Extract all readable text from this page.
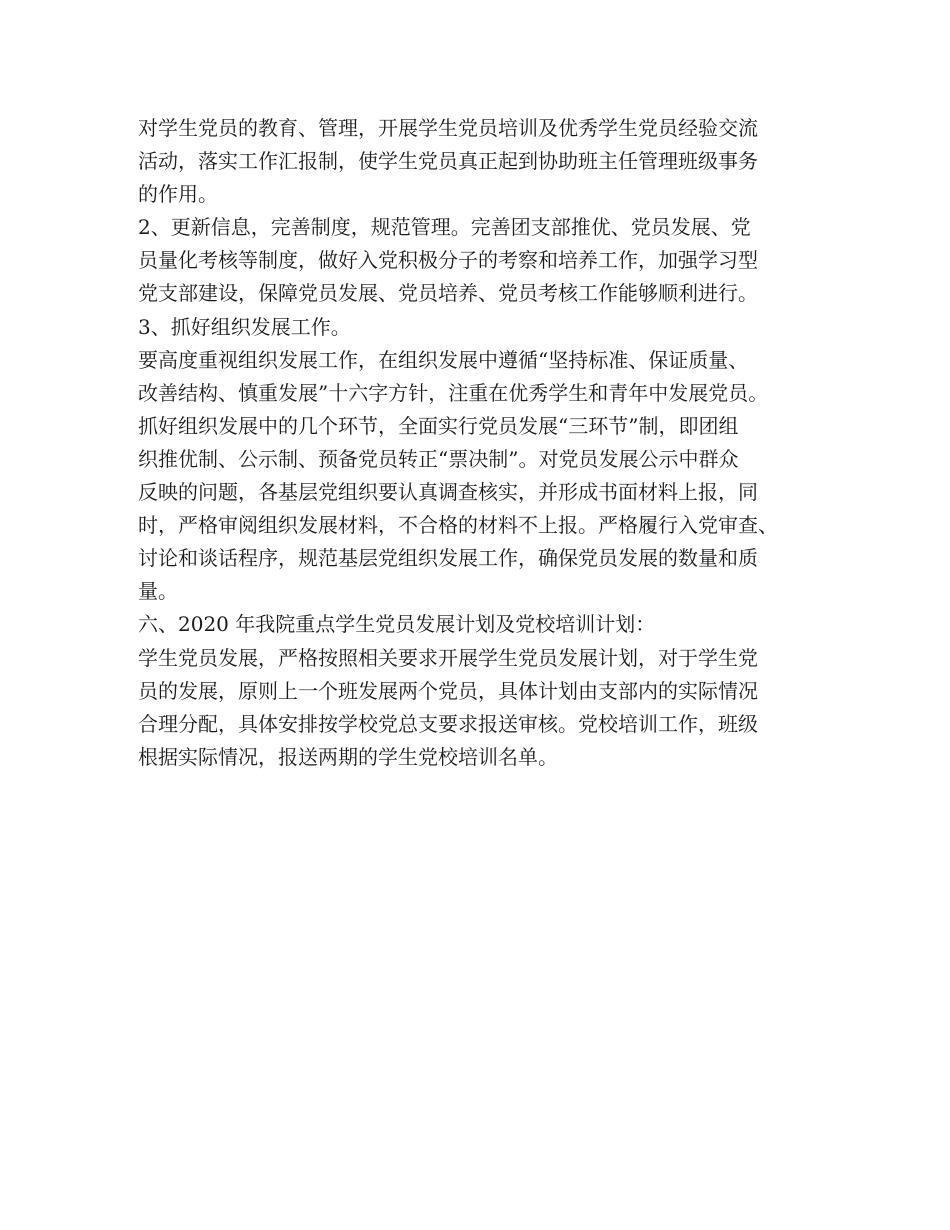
对学生党员的教育、管理，开展学生党员培训及优秀学生党员经验交流
活动，落实工作汇报制，使学生党员真正起到协助班主任管理班级事务
的作用。
2、更新信息，完善制度，规范管理。完善团支部推优、党员发展、党
员量化考核等制度，做好入党积极分子的考察和培养工作，加强学习型
党支部建设，保障党员发展、党员培养、党员考核工作能够顺利进行。
3、抓好组织发展工作。
要高度重视组织发展工作，在组织发展中遵循“坚持标准、保证质量、
改善结构、慎重发展”十六字方针，注重在优秀学生和青年中发展党员。
抓好组织发展中的几个环节，全面实行党员发展“三环节”制，即团组
织推优制、公示制、预备党员转正“票决制”。对党员发展公示中群众
反映的问题，各基层党组织要认真调查核实，并形成书面材料上报，同
时，严格审阅组织发展材料，不合格的材料不上报。严格履行入党审查、
讨论和谈话程序，规范基层党组织发展工作，确保党员发展的数量和质
量。
六、2020 年我院重点学生党员发展计划及党校培训计划：
学生党员发展，严格按照相关要求开展学生党员发展计划，对于学生党
员的发展，原则上一个班发展两个党员，具体计划由支部内的实际情况
合理分配，具体安排按学校党总支要求报送审核。党校培训工作，班级
根据实际情况，报送两期的学生党校培训名单。
